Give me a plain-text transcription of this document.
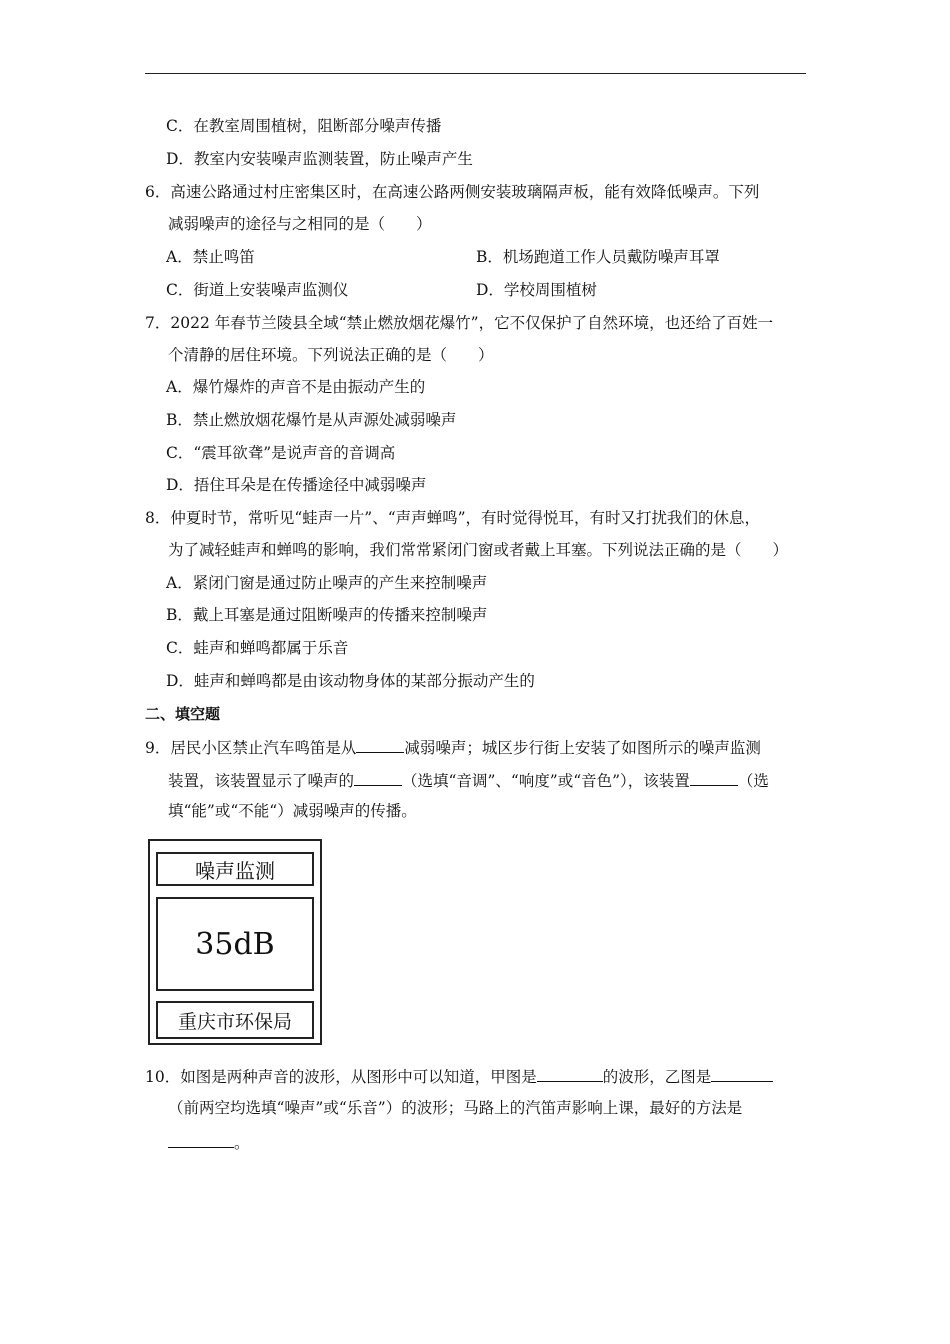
C．在教室周围植树，阻断部分噪声传播
D．教室内安装噪声监测装置，防止噪声产生
6．高速公路通过村庄密集区时，在高速公路两侧安装玻璃隔声板，能有效降低噪声。下列
减弱噪声的途径与之相同的是（　　）
A．禁止鸣笛	B．机场跑道工作人员戴防噪声耳罩
C．街道上安装噪声监测仪	D．学校周围植树
7．2022 年春节兰陵县全域“禁止燃放烟花爆竹”，它不仅保护了自然环境，也还给了百姓一
个清静的居住环境。下列说法正确的是（　　）
A．爆竹爆炸的声音不是由振动产生的
B．禁止燃放烟花爆竹是从声源处减弱噪声
C．“震耳欲聋”是说声音的音调高
D．捂住耳朵是在传播途径中减弱噪声
8．仲夏时节，常听见“蛙声一片”、“声声蝉鸣”，有时觉得悦耳，有时又打扰我们的休息，
为了减轻蛙声和蝉鸣的影响，我们常常紧闭门窗或者戴上耳塞。下列说法正确的是（　　）
A．紧闭门窗是通过防止噪声的产生来控制噪声
B．戴上耳塞是通过阻断噪声的传播来控制噪声
C．蛙声和蝉鸣都属于乐音
D．蛙声和蝉鸣都是由该动物身体的某部分振动产生的
二、填空题
9．居民小区禁止汽车鸣笛是从	减弱噪声；城区步行街上安装了如图所示的噪声监测
装置，该装置显示了噪声的	（选填“音调”、“响度”或“音色”），该装置	（选
填“能”或“不能“）减弱噪声的传播。
噪声监测
35dB
重庆市环保局
10．如图是两种声音的波形，从图形中可以知道，甲图是	的波形，乙图是
（前两空均选填“噪声”或“乐音”）的波形；马路上的汽笛声影响上课，最好的方法是
。
